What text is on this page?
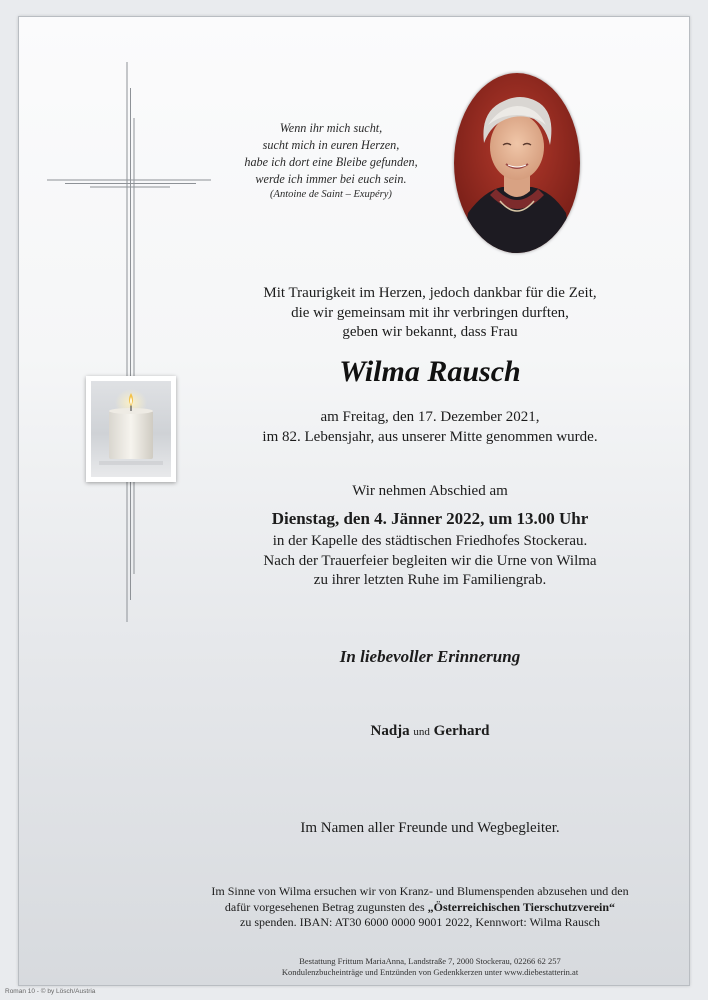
Wenn ihr mich sucht,
sucht mich in euren Herzen,
habe ich dort eine Bleibe gefunden,
werde ich immer bei euch sein.
(Antoine de Saint – Exupéry)
Mit Traurigkeit im Herzen, jedoch dankbar für die Zeit,
die wir gemeinsam mit ihr verbringen durften,
geben wir bekannt, dass Frau
Wilma Rausch
am Freitag, den 17. Dezember 2021,
im 82. Lebensjahr, aus unserer Mitte genommen wurde.
Wir nehmen Abschied am
Dienstag, den 4. Jänner 2022, um 13.00 Uhr
in der Kapelle des städtischen Friedhofes Stockerau.
Nach der Trauerfeier begleiten wir die Urne von Wilma
zu ihrer letzten Ruhe im Familiengrab.
In liebevoller Erinnerung
Nadja und Gerhard
Im Namen aller Freunde und Wegbegleiter.
Im Sinne von Wilma ersuchen wir von Kranz- und Blumenspenden abzusehen und den
dafür vorgesehenen Betrag zugunsten des „Österreichischen Tierschutzverein“
zu spenden. IBAN: AT30 6000 0000 9001 2022, Kennwort: Wilma Rausch
Bestattung Frittum MariaAnna, Landstraße 7, 2000 Stockerau, 02266 62 257
Kondulenzbucheinträge und Entzünden von Gedenkkerzen unter www.diebestatterin.at
Roman 10 - © by Lösch/Austria
